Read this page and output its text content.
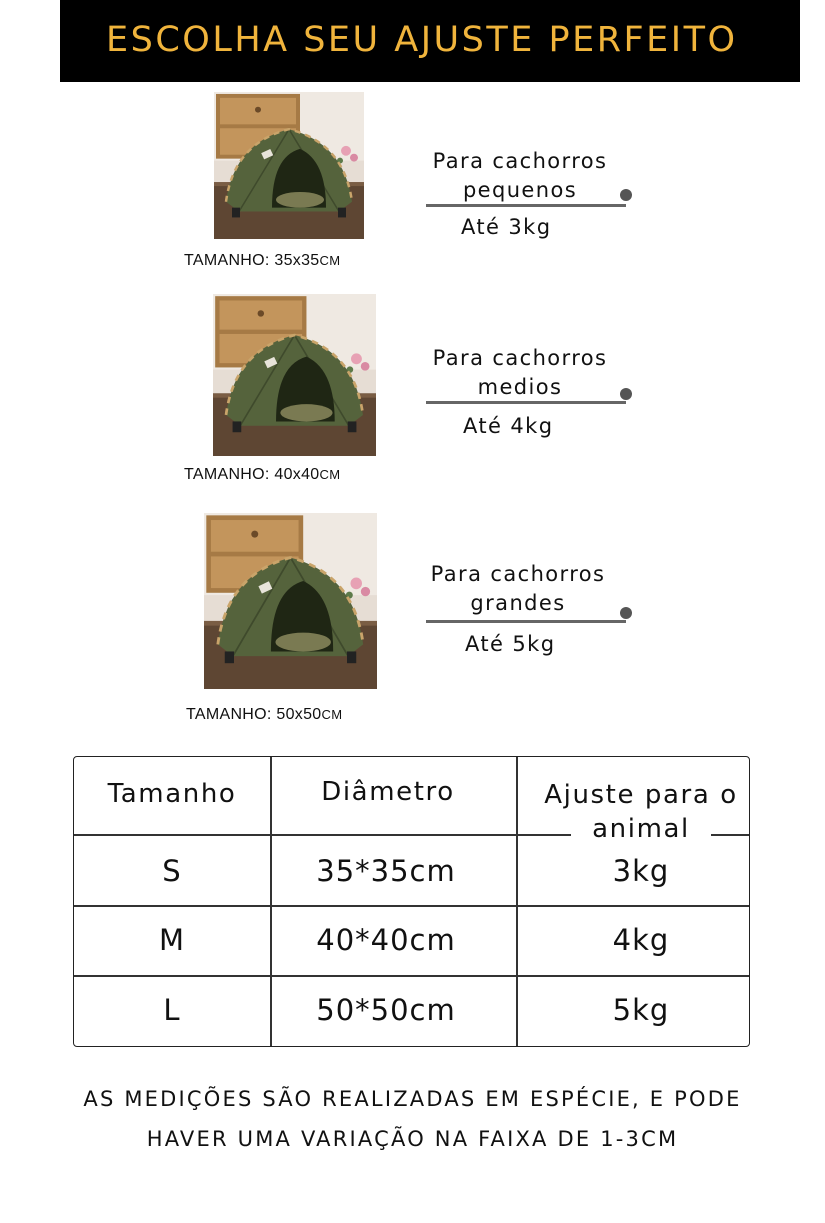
ESCOLHA SEU AJUSTE PERFEITO
TAMANHO: 35x35CM
Para cachorros
pequenos
Até 3kg
TAMANHO: 40x40CM
Para cachorros
medios
Até 4kg
TAMANHO: 50x50CM
Para cachorros
grandes
Até 5kg
Tamanho	Diâmetro	Ajuste para o
animal
S	35*35cm	3kg
M	40*40cm	4kg
L	50*50cm	5kg
AS MEDIÇÕES SÃO REALIZADAS EM ESPÉCIE, E PODE
HAVER UMA VARIAÇÃO NA FAIXA DE 1-3CM
